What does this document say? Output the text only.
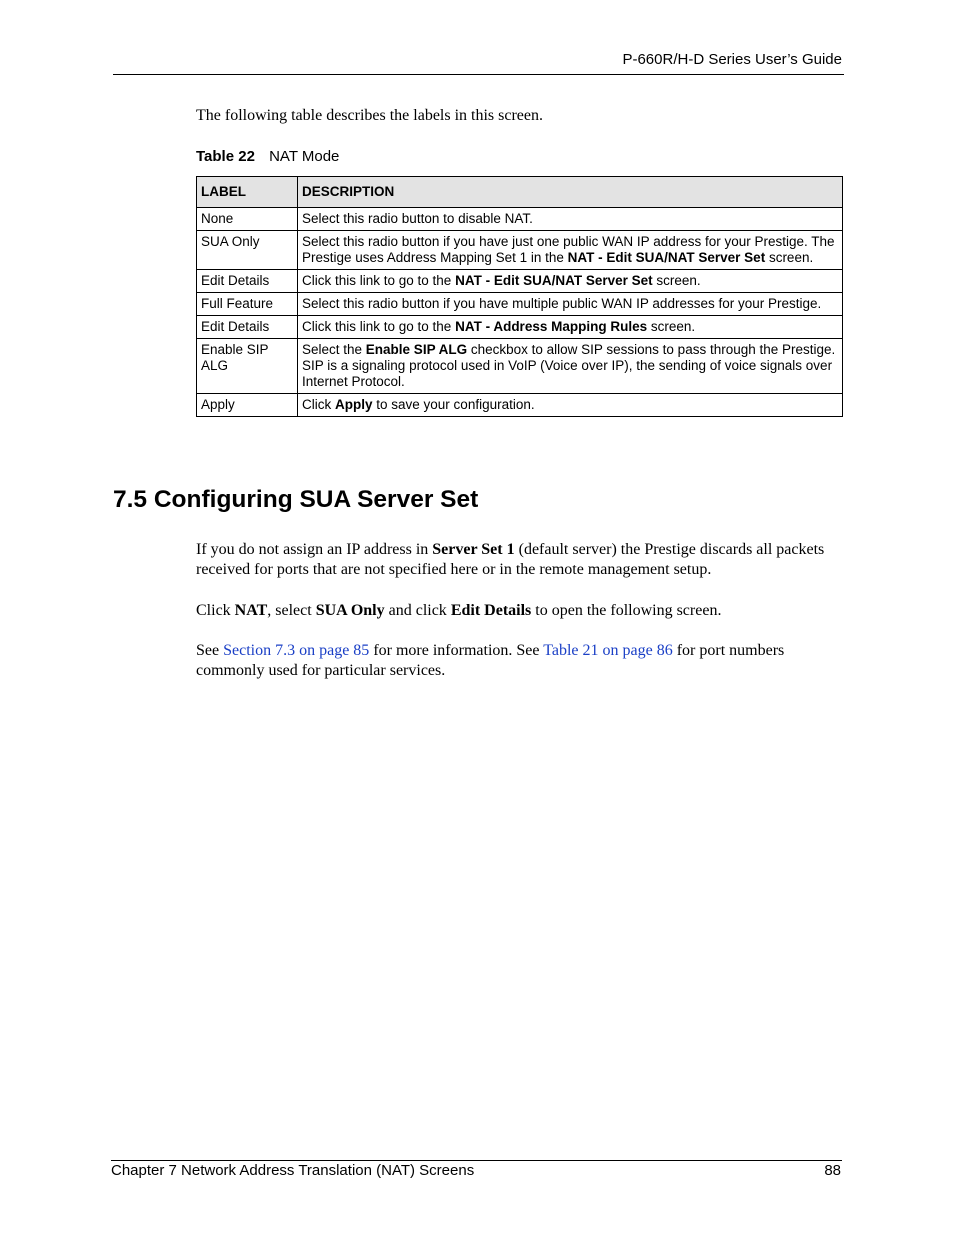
P-660R/H-D Series User’s Guide
The following table describes the labels in this screen.
Table 22 NAT Mode
LABEL	DESCRIPTION
None	Select this radio button to disable NAT.
SUA Only	Select this radio button if you have just one public WAN IP address for your Prestige. The Prestige uses Address Mapping Set 1 in the NAT - Edit SUA/NAT Server Set screen.
Edit Details	Click this link to go to the NAT - Edit SUA/NAT Server Set screen.
Full Feature	Select this radio button if you have multiple public WAN IP addresses for your Prestige.
Edit Details	Click this link to go to the NAT - Address Mapping Rules screen.
Enable SIP ALG	Select the Enable SIP ALG checkbox to allow SIP sessions to pass through the Prestige. SIP is a signaling protocol used in VoIP (Voice over IP), the sending of voice signals over Internet Protocol.
Apply	Click Apply to save your configuration.
7.5 Configuring SUA Server Set
If you do not assign an IP address in Server Set 1 (default server) the Prestige discards all packets received for ports that are not specified here or in the remote management setup.
Click NAT, select SUA Only and click Edit Details to open the following screen.
See Section 7.3 on page 85 for more information. See Table 21 on page 86 for port numbers commonly used for particular services.
Chapter 7 Network Address Translation (NAT) Screens	88
